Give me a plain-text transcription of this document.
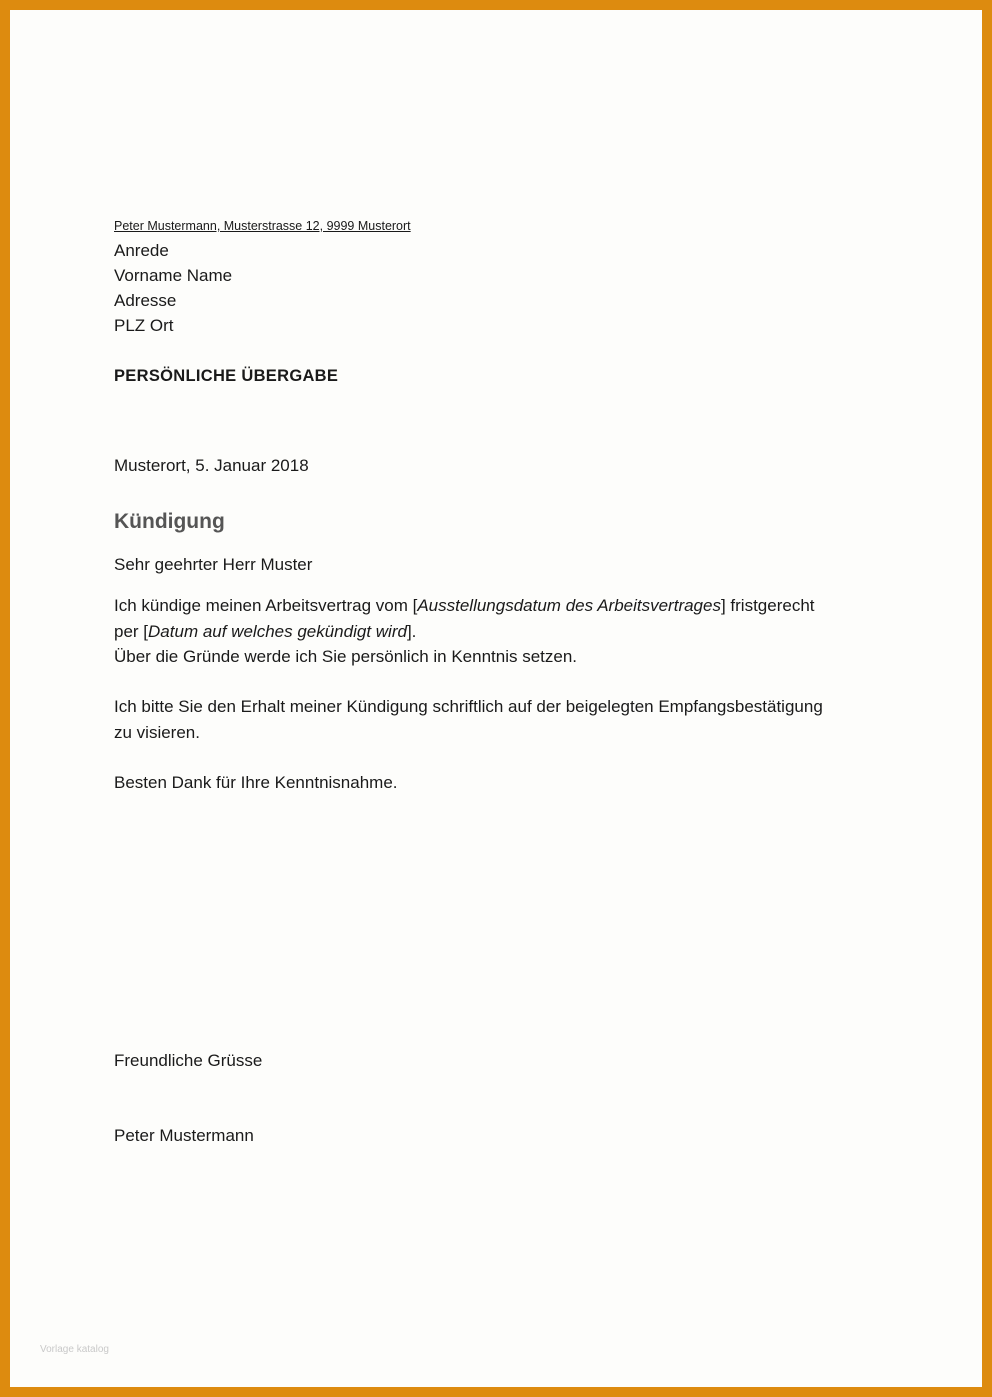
Peter Mustermann, Musterstrasse 12, 9999 Musterort
Anrede
Vorname Name
Adresse
PLZ Ort
PERSÖNLICHE ÜBERGABE
Musterort, 5. Januar 2018
Kündigung
Sehr geehrter Herr Muster
Ich kündige meinen Arbeitsvertrag vom [Ausstellungsdatum des Arbeitsvertrages] fristgerecht
per [Datum auf welches gekündigt wird].
Über die Gründe werde ich Sie persönlich in Kenntnis setzen.
Ich bitte Sie den Erhalt meiner Kündigung schriftlich auf der beigelegten Empfangsbestätigung
zu visieren.
Besten Dank für Ihre Kenntnisnahme.
Freundliche Grüsse
Peter Mustermann
Vorlage katalog
